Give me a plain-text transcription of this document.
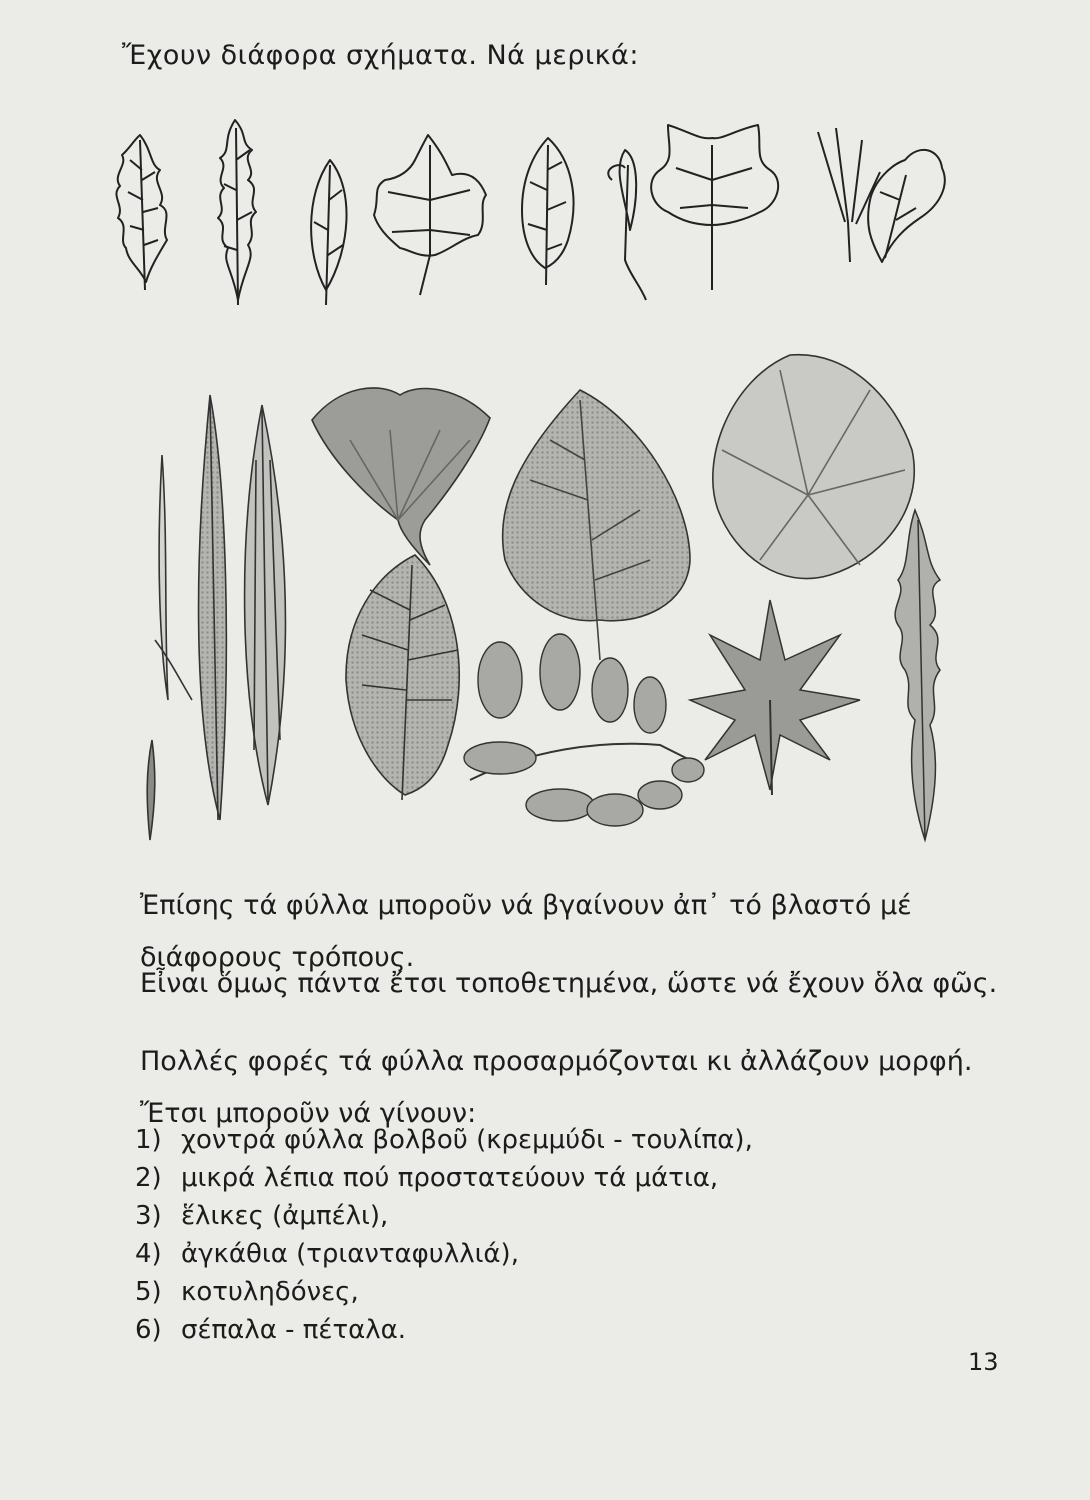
Ἔχουν διάφορα σχήματα. Νά μερικά:

Ἐπίσης τά φύλλα μποροῦν νά βγαίνουν ἀπ᾽ τό βλαστό μέ διάφορους τρόπους.

Εἶναι ὅμως πάντα ἔτσι τοποθετημένα, ὥστε νά ἔχουν ὅλα φῶς.

Πολλές φορές τά φύλλα προσαρμόζονται κι ἀλλάζουν μορφή. Ἔτσι μποροῦν νά γίνουν:

1) χοντρά φύλλα βολβοῦ (κρεμμύδι - τουλίπα),
2) μικρά λέπια πού προστατεύουν τά μάτια,
3) ἕλικες (ἀμπέλι),
4) ἀγκάθια (τριανταφυλλιά),
5) κοτυληδόνες,
6) σέπαλα - πέταλα.
13
